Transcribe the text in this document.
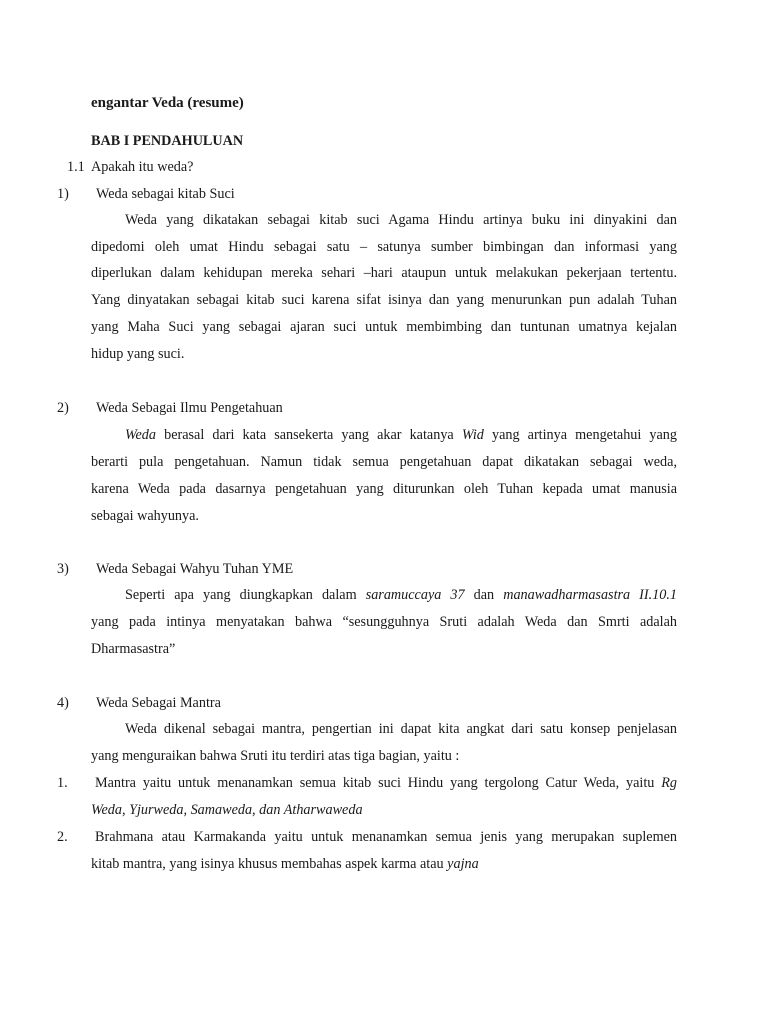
engantar Veda (resume)
BAB I PENDAHULUAN
1.1 Apakah itu weda?
1) Weda sebagai kitab Suci
Weda yang dikatakan sebagai kitab suci Agama Hindu artinya buku ini dinyakini dan
dipedomi oleh umat Hindu sebagai satu – satunya sumber bimbingan dan informasi yang
diperlukan dalam kehidupan mereka sehari –hari ataupun untuk melakukan pekerjaan tertentu.
Yang dinyatakan sebagai kitab suci karena sifat isinya dan yang menurunkan pun adalah Tuhan
yang Maha Suci yang sebagai ajaran suci untuk membimbing dan tuntunan umatnya kejalan
hidup yang suci.
2) Weda Sebagai Ilmu Pengetahuan
Weda berasal dari kata sansekerta yang akar katanya Wid yang artinya mengetahui yang
berarti pula pengetahuan. Namun tidak semua pengetahuan dapat dikatakan sebagai weda,
karena Weda pada dasarnya pengetahuan yang diturunkan oleh Tuhan kepada umat manusia
sebagai wahyunya.
3) Weda Sebagai Wahyu Tuhan YME
Seperti apa yang diungkapkan dalam saramuccaya 37 dan manawadharmasastra II.10.1
yang pada intinya menyatakan bahwa “sesungguhnya Sruti adalah Weda dan Smrti adalah
Dharmasastra”
4) Weda Sebagai Mantra
Weda dikenal sebagai mantra, pengertian ini dapat kita angkat dari satu konsep penjelasan
yang menguraikan bahwa Sruti itu terdiri atas tiga bagian, yaitu :
1. Mantra yaitu untuk menanamkan semua kitab suci Hindu yang tergolong Catur Weda, yaitu Rg
Weda, Yjurweda, Samaweda, dan Atharwaweda
2. Brahmana atau Karmakanda yaitu untuk menanamkan semua jenis yang merupakan suplemen
kitab mantra, yang isinya khusus membahas aspek karma atau yajna
